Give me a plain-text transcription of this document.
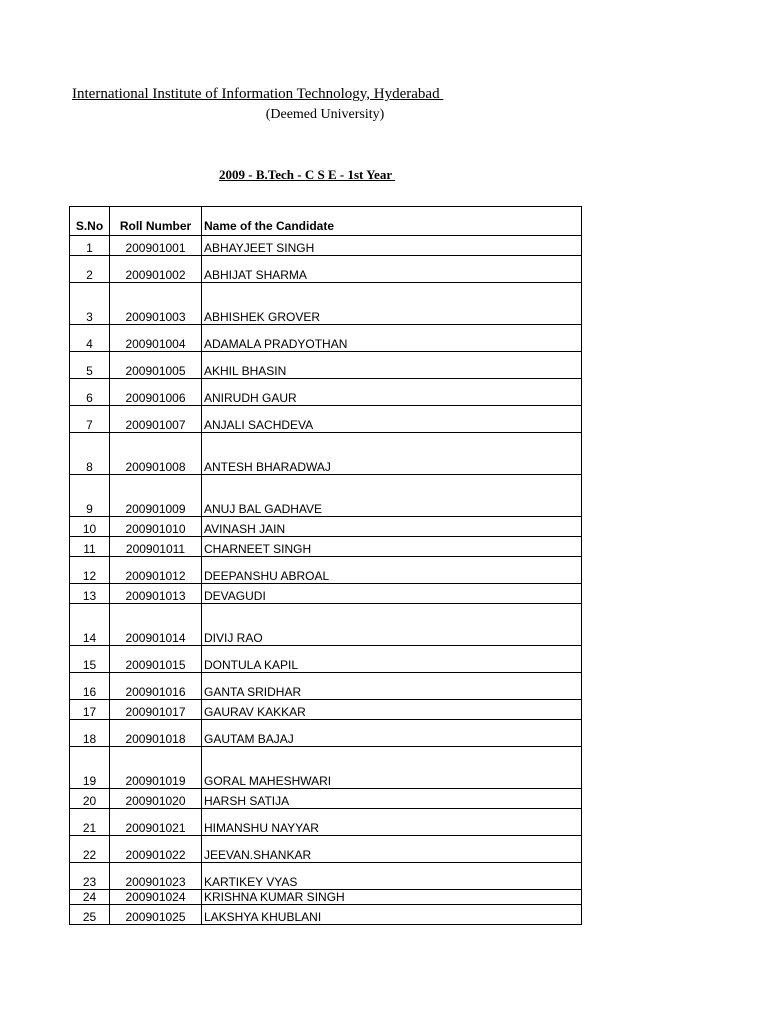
International Institute of Information Technology, Hyderabad
(Deemed University)
2009 - B.Tech - C S E - 1st Year
S.No	Roll Number	Name of the Candidate
1	200901001	ABHAYJEET SINGH
2	200901002	ABHIJAT SHARMA
3	200901003	ABHISHEK GROVER
4	200901004	ADAMALA PRADYOTHAN
5	200901005	AKHIL BHASIN
6	200901006	ANIRUDH GAUR
7	200901007	ANJALI SACHDEVA
8	200901008	ANTESH BHARADWAJ
9	200901009	ANUJ BAL GADHAVE
10	200901010	AVINASH JAIN
11	200901011	CHARNEET SINGH
12	200901012	DEEPANSHU ABROAL
13	200901013	DEVAGUDI
14	200901014	DIVIJ RAO
15	200901015	DONTULA KAPIL
16	200901016	GANTA SRIDHAR
17	200901017	GAURAV KAKKAR
18	200901018	GAUTAM BAJAJ
19	200901019	GORAL MAHESHWARI
20	200901020	HARSH SATIJA
21	200901021	HIMANSHU NAYYAR
22	200901022	JEEVAN.SHANKAR
23	200901023	KARTIKEY VYAS
24	200901024	KRISHNA KUMAR SINGH
25	200901025	LAKSHYA KHUBLANI
